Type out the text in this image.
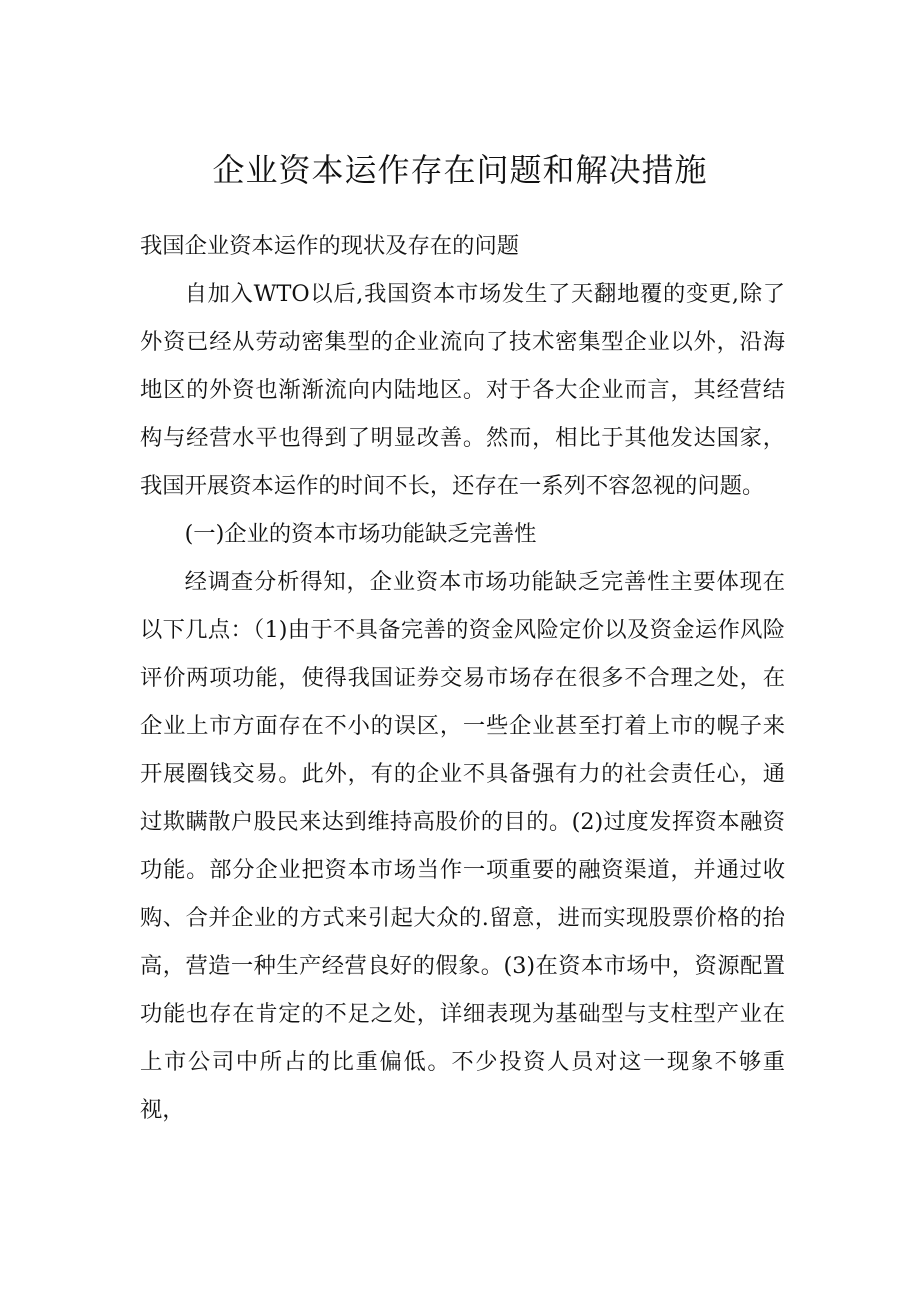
企业资本运作存在问题和解决措施

我国企业资本运作的现状及存在的问题

自加入WTO以后,我国资本市场发生了天翻地覆的变更,除了外资已经从劳动密集型的企业流向了技术密集型企业以外，沿海地区的外资也渐渐流向内陆地区。对于各大企业而言，其经营结构与经营水平也得到了明显改善。然而，相比于其他发达国家，我国开展资本运作的时间不长，还存在一系列不容忽视的问题。

(一)企业的资本市场功能缺乏完善性

经调查分析得知，企业资本市场功能缺乏完善性主要体现在以下几点：（1)由于不具备完善的资金风险定价以及资金运作风险评价两项功能，使得我国证券交易市场存在很多不合理之处，在企业上市方面存在不小的误区，一些企业甚至打着上市的幌子来开展圈钱交易。此外，有的企业不具备强有力的社会责任心，通过欺瞒散户股民来达到维持高股价的目的。(2)过度发挥资本融资功能。部分企业把资本市场当作一项重要的融资渠道，并通过收购、合并企业的方式来引起大众的.留意，进而实现股票价格的抬高，营造一种生产经营良好的假象。(3)在资本市场中，资源配置功能也存在肯定的不足之处，详细表现为基础型与支柱型产业在上市公司中所占的比重偏低。不少投资人员对这一现象不够重视，
